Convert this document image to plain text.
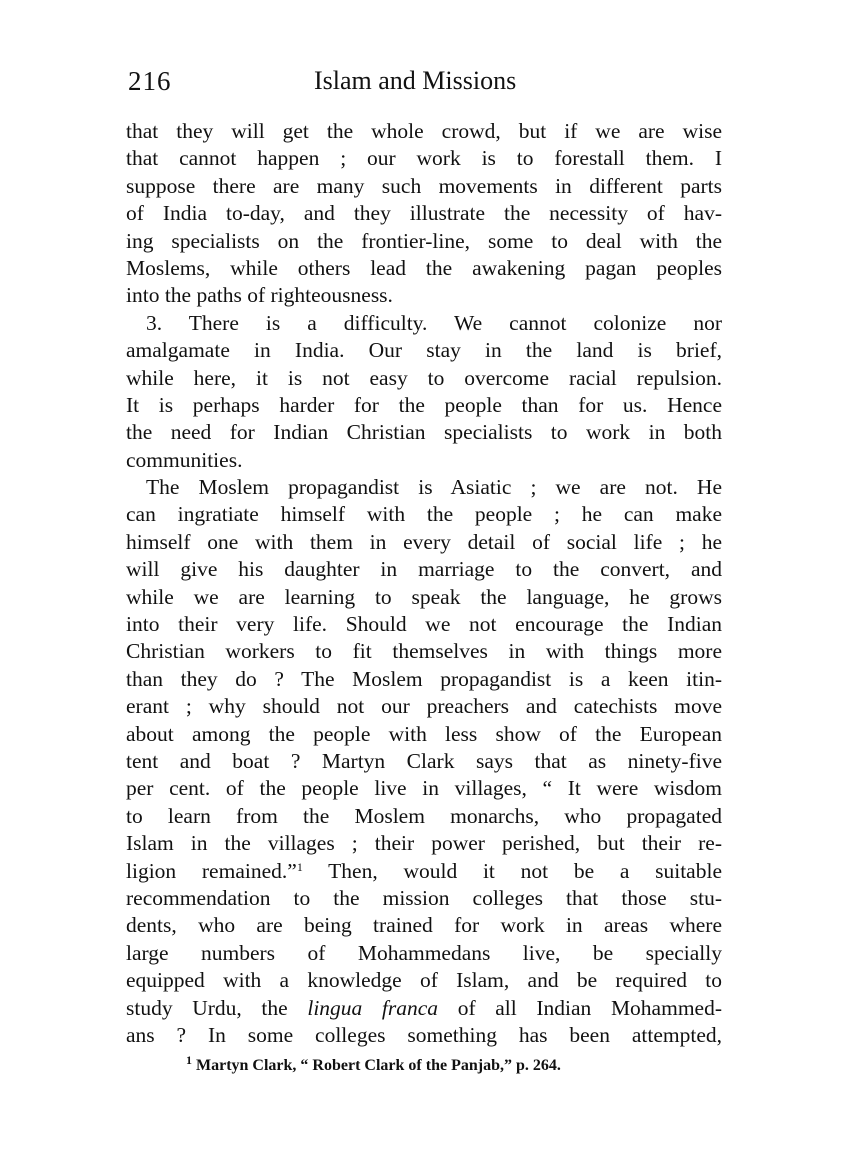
216	Islam and Missions
that they will get the whole crowd, but if we are wise
that cannot happen ; our work is to forestall them. I
suppose there are many such movements in different parts
of India to-day, and they illustrate the necessity of hav-
ing specialists on the frontier-line, some to deal with the
Moslems, while others lead the awakening pagan peoples
into the paths of righteousness.
3. There is a difficulty. We cannot colonize nor
amalgamate in India. Our stay in the land is brief,
while here, it is not easy to overcome racial repulsion.
It is perhaps harder for the people than for us. Hence
the need for Indian Christian specialists to work in both
communities.
The Moslem propagandist is Asiatic ; we are not. He
can ingratiate himself with the people ; he can make
himself one with them in every detail of social life ; he
will give his daughter in marriage to the convert, and
while we are learning to speak the language, he grows
into their very life. Should we not encourage the Indian
Christian workers to fit themselves in with things more
than they do ? The Moslem propagandist is a keen itin-
erant ; why should not our preachers and catechists move
about among the people with less show of the European
tent and boat ? Martyn Clark says that as ninety-five
per cent. of the people live in villages, “ It were wisdom
to learn from the Moslem monarchs, who propagated
Islam in the villages ; their power perished, but their re-
ligion remained.”$^1$ Then, would it not be a suitable
recommendation to the mission colleges that those stu-
dents, who are being trained for work in areas where
large numbers of Mohammedans live, be specially
equipped with a knowledge of Islam, and be required to
study Urdu, the lingua franca of all Indian Mohammed-
ans ? In some colleges something has been attempted,
$^1$ Martyn Clark, “ Robert Clark of the Panjab,” p. 264.
